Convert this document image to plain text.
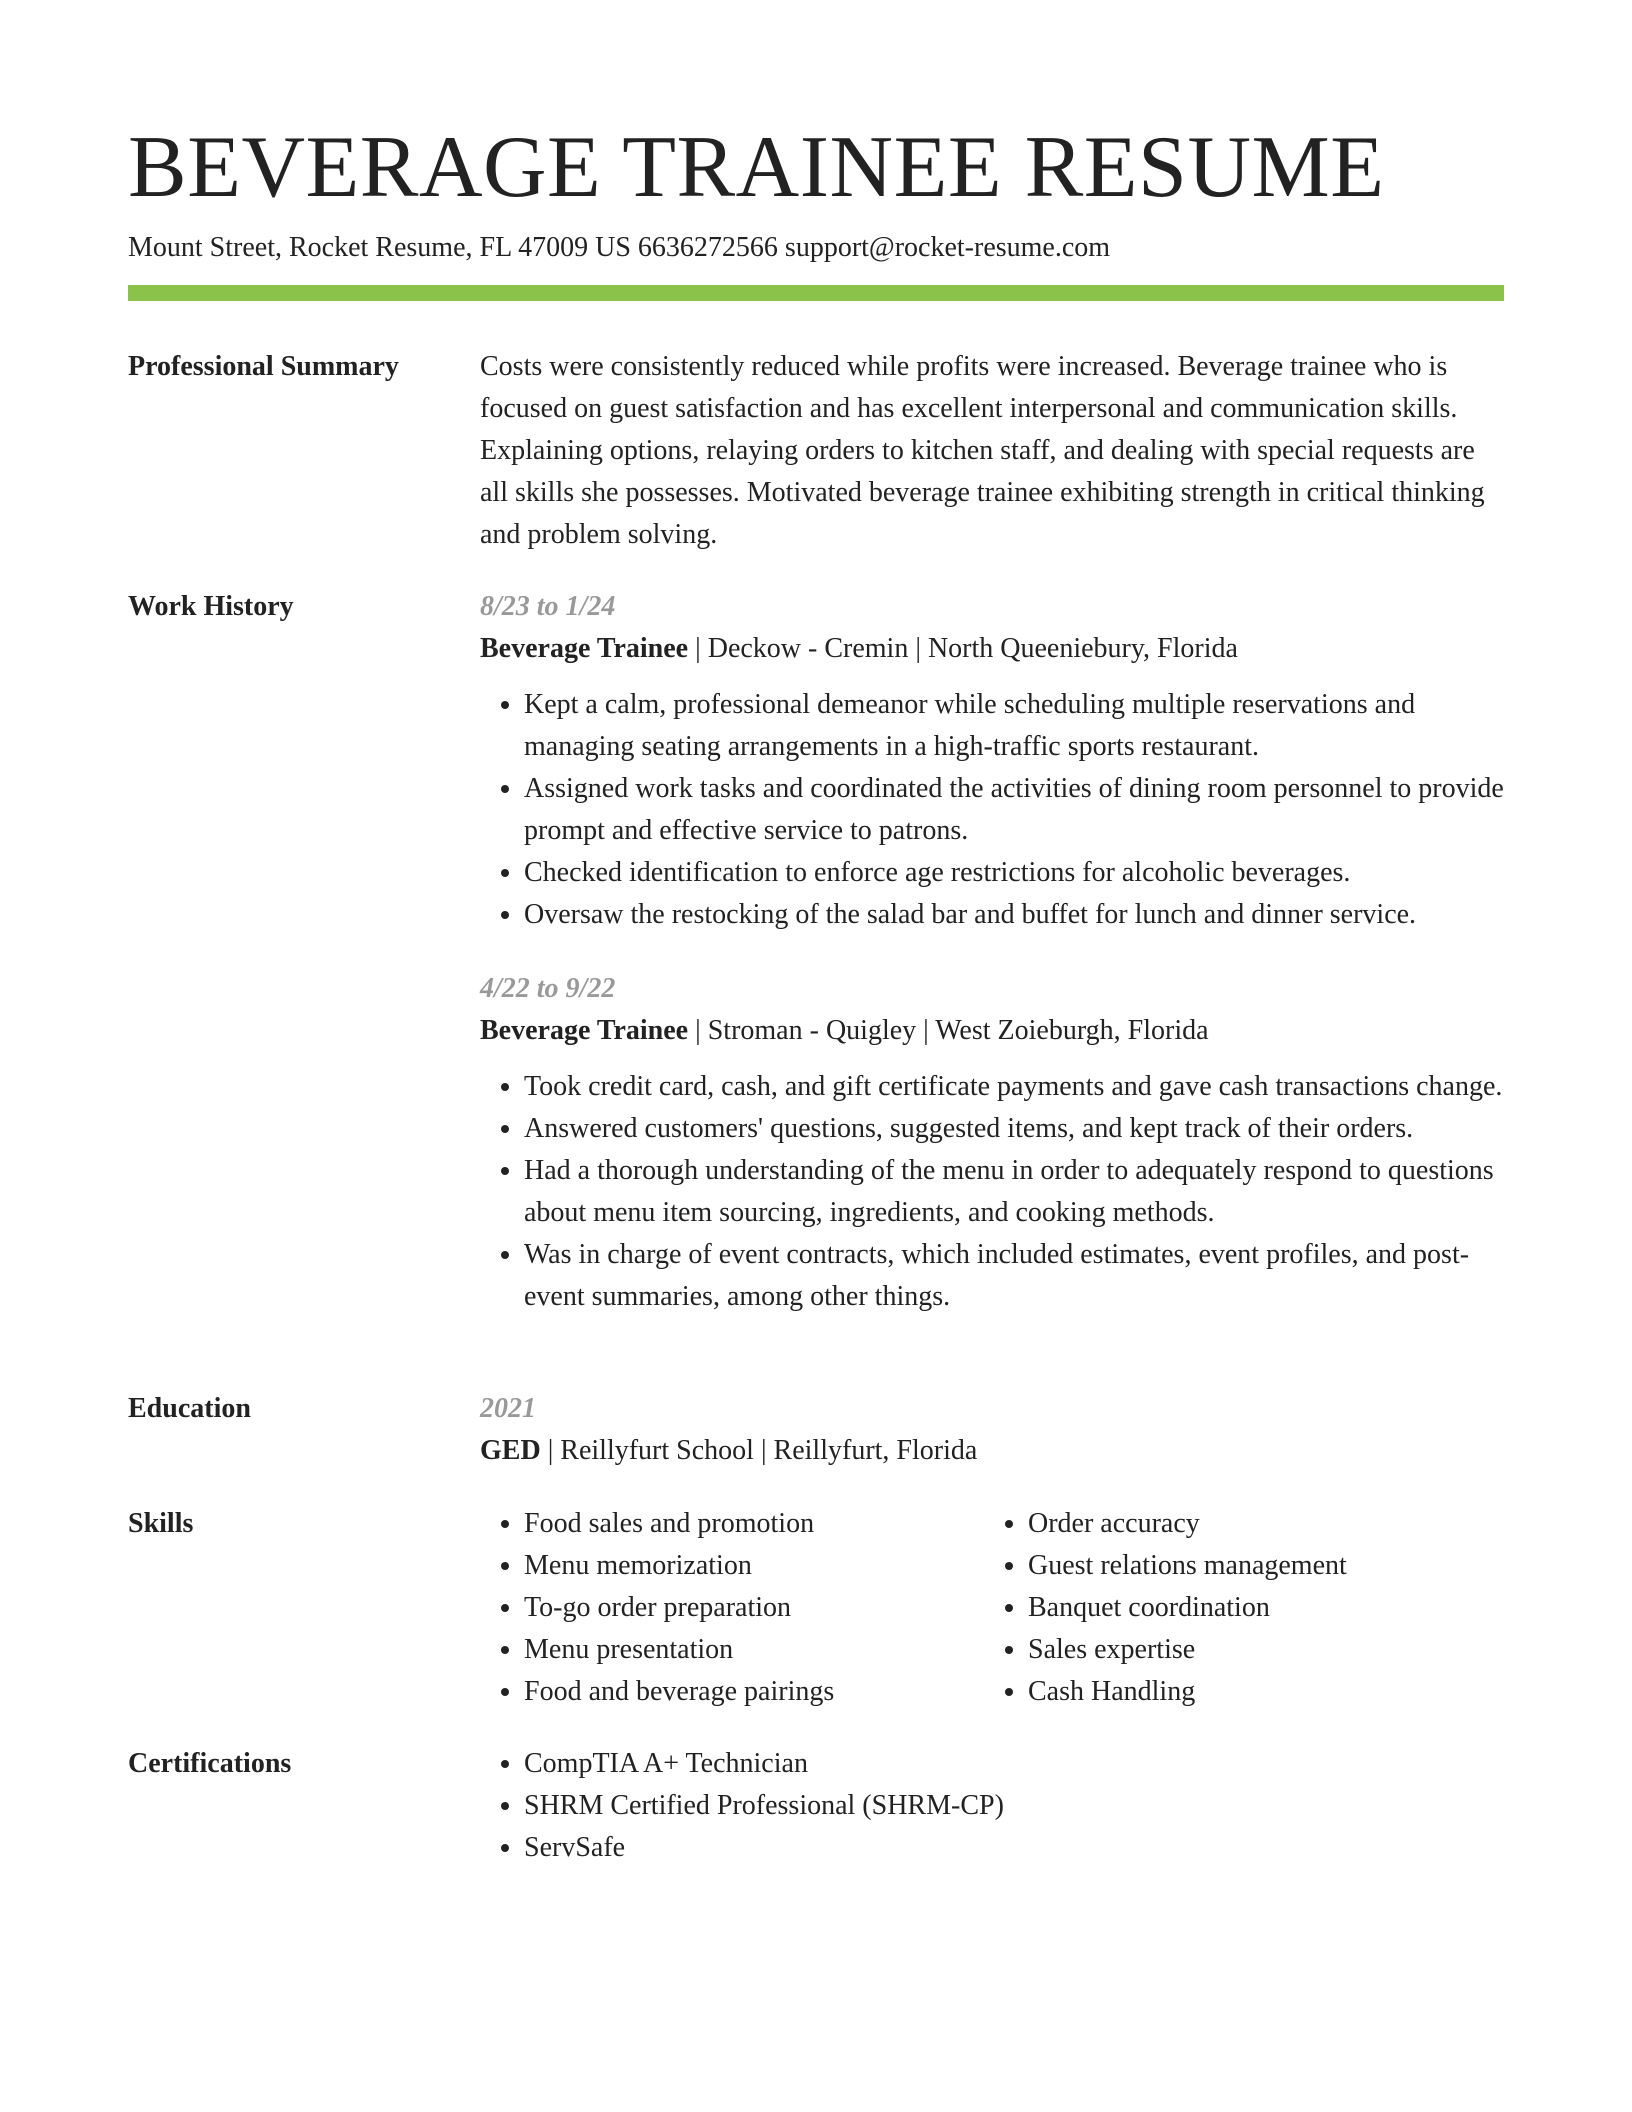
BEVERAGE TRAINEE RESUME
Mount Street, Rocket Resume, FL 47009 US 6636272566 support@rocket-resume.com
Professional Summary	Costs were consistently reduced while profits were increased. Beverage trainee who is focused on guest satisfaction and has excellent interpersonal and communication skills. Explaining options, relaying orders to kitchen staff, and dealing with special requests are all skills she possesses. Motivated beverage trainee exhibiting strength in critical thinking and problem solving.

Work History	8/23 to 1/24
Beverage Trainee | Deckow - Cremin | North Queeniebury, Florida
• Kept a calm, professional demeanor while scheduling multiple reservations and managing seating arrangements in a high-traffic sports restaurant.
• Assigned work tasks and coordinated the activities of dining room personnel to provide prompt and effective service to patrons.
• Checked identification to enforce age restrictions for alcoholic beverages.
• Oversaw the restocking of the salad bar and buffet for lunch and dinner service.
4/22 to 9/22
Beverage Trainee | Stroman - Quigley | West Zoieburgh, Florida
• Took credit card, cash, and gift certificate payments and gave cash transactions change.
• Answered customers' questions, suggested items, and kept track of their orders.
• Had a thorough understanding of the menu in order to adequately respond to questions about menu item sourcing, ingredients, and cooking methods.
• Was in charge of event contracts, which included estimates, event profiles, and post-event summaries, among other things.
Education	2021
GED | Reillyfurt School | Reillyfurt, Florida
Skills	• Food sales and promotion
• Menu memorization
• To-go order preparation
• Menu presentation
• Food and beverage pairings
• Order accuracy
• Guest relations management
• Banquet coordination
• Sales expertise
• Cash Handling
Certifications	• CompTIA A+ Technician
• SHRM Certified Professional (SHRM-CP)
• ServSafe
